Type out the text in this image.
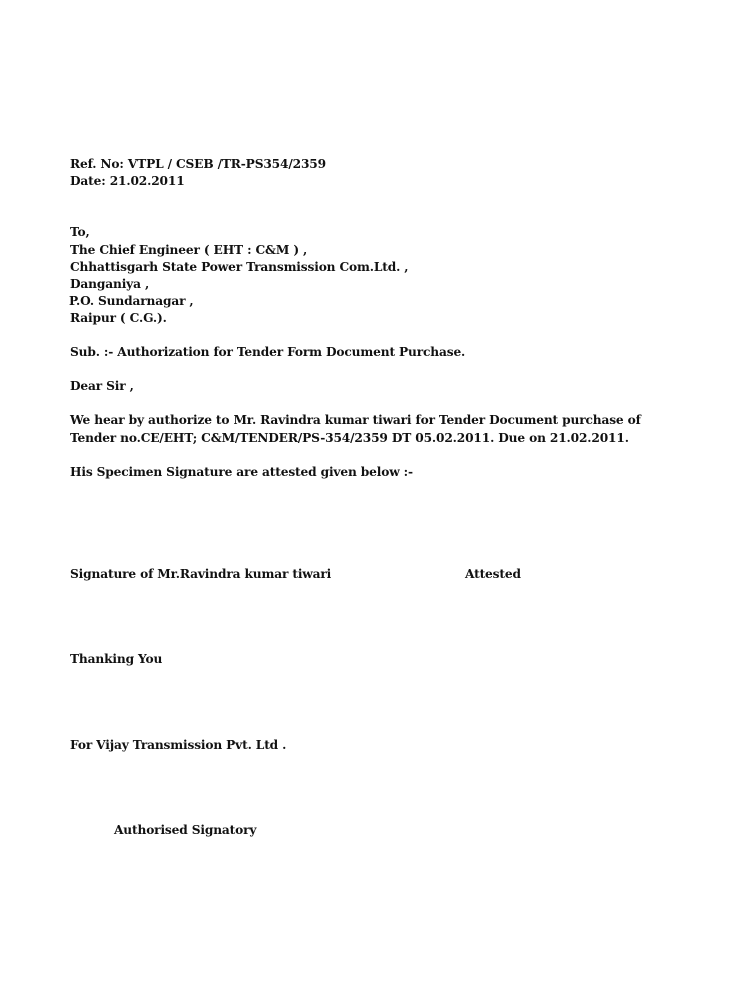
Ref. No: VTPL / CSEB /TR-PS354/2359

Date: 21.02.2011

To,

The Chief Engineer ( EHT : C&M ) ,

Chhattisgarh State Power Transmission Com.Ltd. ,

Danganiya ,

P.O. Sundarnagar ,

Raipur ( C.G.).

Sub. :- Authorization for Tender Form Document Purchase.

Dear Sir ,

We hear by authorize to Mr. Ravindra kumar tiwari for Tender Document purchase of

Tender no.CE/EHT; C&M/TENDER/PS-354/2359 DT 05.02.2011. Due on 21.02.2011.

His Specimen Signature are attested given below :-

Signature of Mr.Ravindra kumar tiwari	Attested

Thanking You

For Vijay Transmission Pvt. Ltd .

Authorised Signatory
